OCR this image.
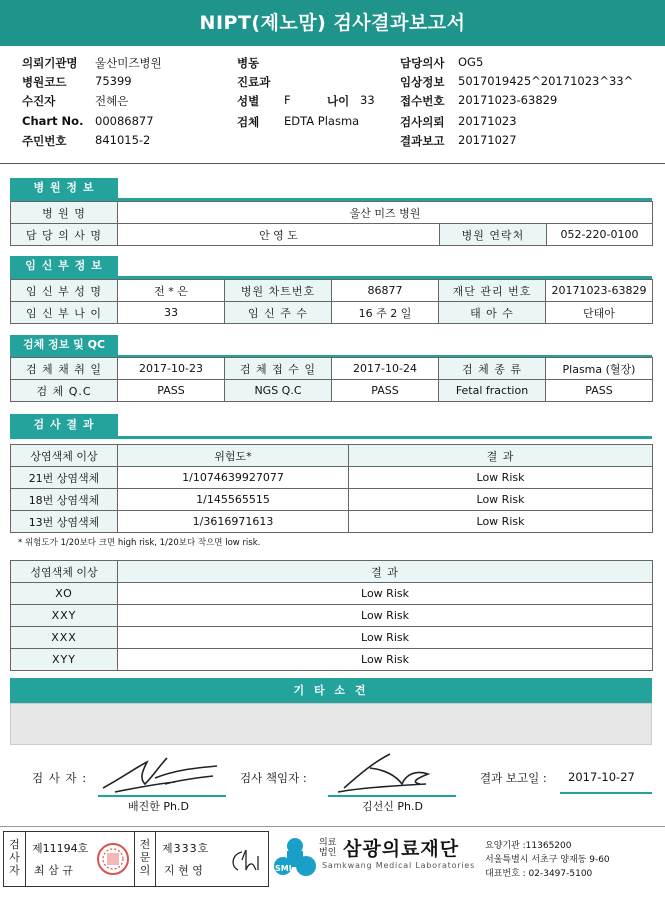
NIPT(제노맘) 검사결과보고서
의뢰기관명 울산미즈병원
병원코드 75399
수진자	전혜은
Chart No. 00086877
주민번호 841015-2
병동
진료과
성별 F	나이 33
검체 EDTA Plasma
담당의사 OG5
임상정보 5017019425^20171023^33^
접수번호 20171023-63829
검사의뢰 20171023
결과보고 20171027
병 원 정 보
병 원 명	울산 미즈 병원		
담 당 의 사 명	안 영 도	병원 연락처	052-220-0100
임 신 부 정 보
임 신 부 성 명	전 * 은	병원 차트번호	86877	재단 관리 번호	20171023-63829
임 신 부 나 이	33	임 신 주 수	16 주 2 일	태 아 수	단태아
검체 정보 및 QC
검 체 채 취 일	2017-10-23	검 체 접 수 일	2017-10-24	검 체 종 류	Plasma (혈장)
검 체 Q.C	PASS	NGS Q.C	PASS	Fetal fraction	PASS
검 사 결 과
상염색체 이상	위험도*	결 과
21번 상염색체	1/1074639927077	Low Risk
18번 상염색체	1/145565515	Low Risk
13번 상염색체	1/3616971613	Low Risk
* 위험도가 1/20보다 크면 high risk, 1/20보다 작으면 low risk.
성염색체 이상	결 과
XO	Low Risk
XXY	Low Risk
XXX	Low Risk
XYY	Low Risk
기 타 소 견
검 사 자 :
배진한 Ph.D
검사 책임자 :
김선신 Ph.D
결과 보고일 : 2017-10-27
검사자
제11194호
최 삼 규
전문의
제333호
지 현 영	SML
의료
법인 삼광의료재단
Samkwang Medical Laboratories
요양기관 :11365200
서울특별시 서초구 양재동 9-60
대표번호 : 02-3497-5100
